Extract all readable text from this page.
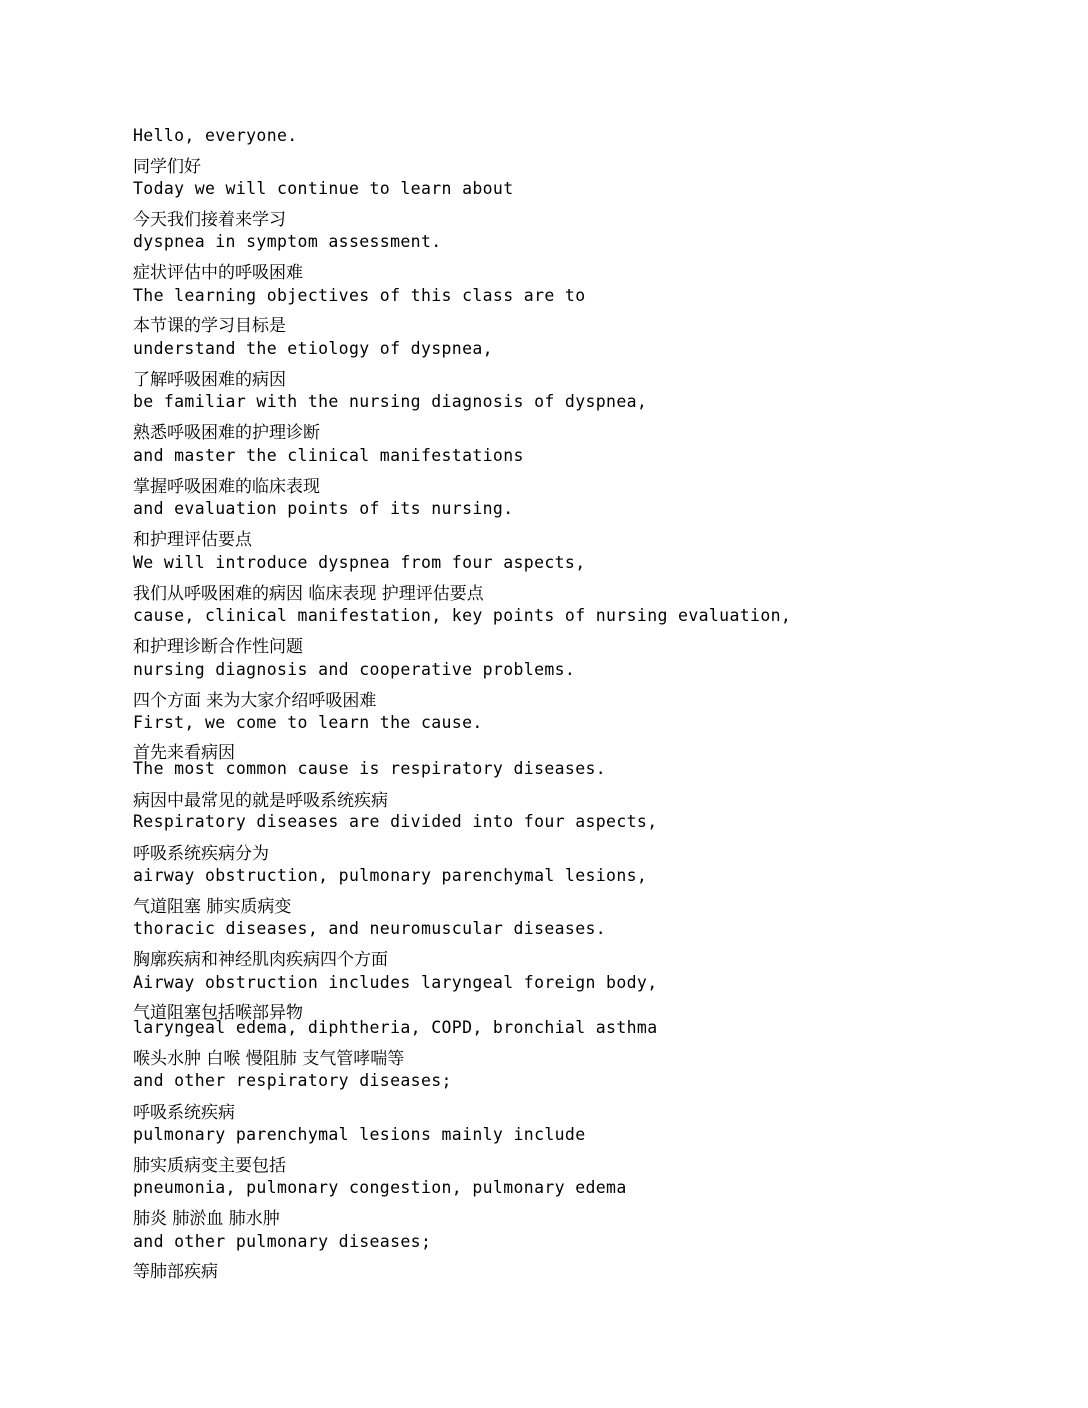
Hello, everyone.
同学们好
Today we will continue to learn about
今天我们接着来学习
dyspnea in symptom assessment.
症状评估中的呼吸困难
The learning objectives of this class are to
本节课的学习目标是
understand the etiology of dyspnea,
了解呼吸困难的病因
be familiar with the nursing diagnosis of dyspnea,
熟悉呼吸困难的护理诊断
and master the clinical manifestations
掌握呼吸困难的临床表现
and evaluation points of its nursing.
和护理评估要点
We will introduce dyspnea from four aspects,
我们从呼吸困难的病因 临床表现 护理评估要点
cause, clinical manifestation, key points of nursing evaluation,
和护理诊断合作性问题
nursing diagnosis and cooperative problems.
四个方面 来为大家介绍呼吸困难
First, we come to learn the cause.
首先来看病因
The most common cause is respiratory diseases.
病因中最常见的就是呼吸系统疾病
Respiratory diseases are divided into four aspects,
呼吸系统疾病分为
airway obstruction, pulmonary parenchymal lesions,
气道阻塞 肺实质病变
thoracic diseases, and neuromuscular diseases.
胸廓疾病和神经肌肉疾病四个方面
Airway obstruction includes laryngeal foreign body,
气道阻塞包括喉部异物
laryngeal edema, diphtheria, COPD, bronchial asthma
喉头水肿 白喉 慢阻肺 支气管哮喘等
and other respiratory diseases;
呼吸系统疾病
pulmonary parenchymal lesions mainly include
肺实质病变主要包括
pneumonia, pulmonary congestion, pulmonary edema
肺炎 肺淤血 肺水肿
and other pulmonary diseases;
等肺部疾病
